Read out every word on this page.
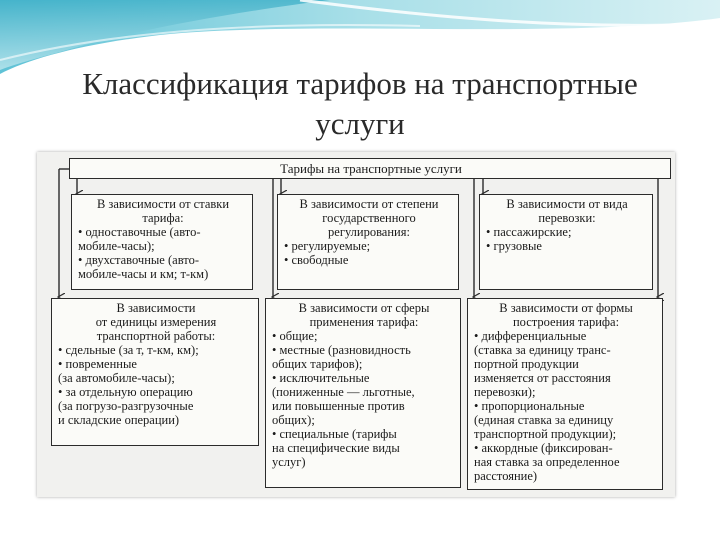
Классификация тарифов на транспортные
услуги
Тарифы на транспортные услуги
В зависимости от ставки
тарифа:
• одноставочные (авто-
мобиле-часы);
• двухставочные (авто-
мобиле-часы и км; т-км)
В зависимости от степени
государственного
регулирования:
• регулируемые;
• свободные
В зависимости от вида
перевозки:
• пассажирские;
• грузовые
В зависимости
от единицы измерения
транспортной работы:
• сдельные (за т, т-км, км);
• повременные
(за автомобиле-часы);
• за отдельную операцию
(за погрузо-разгрузочные
и складские операции)
В зависимости от сферы
применения тарифа:
• общие;
• местные (разновидность
общих тарифов);
• исключительные
(пониженные — льготные,
или повышенные против
общих);
• специальные (тарифы
на специфические виды
услуг)
В зависимости от формы
построения тарифа:
• дифференциальные
(ставка за единицу транс-
портной продукции
изменяется от расстояния
перевозки);
• пропорциональные
(единая ставка за единицу
транспортной продукции);
• аккордные (фиксирован-
ная ставка за определенное
расстояние)
